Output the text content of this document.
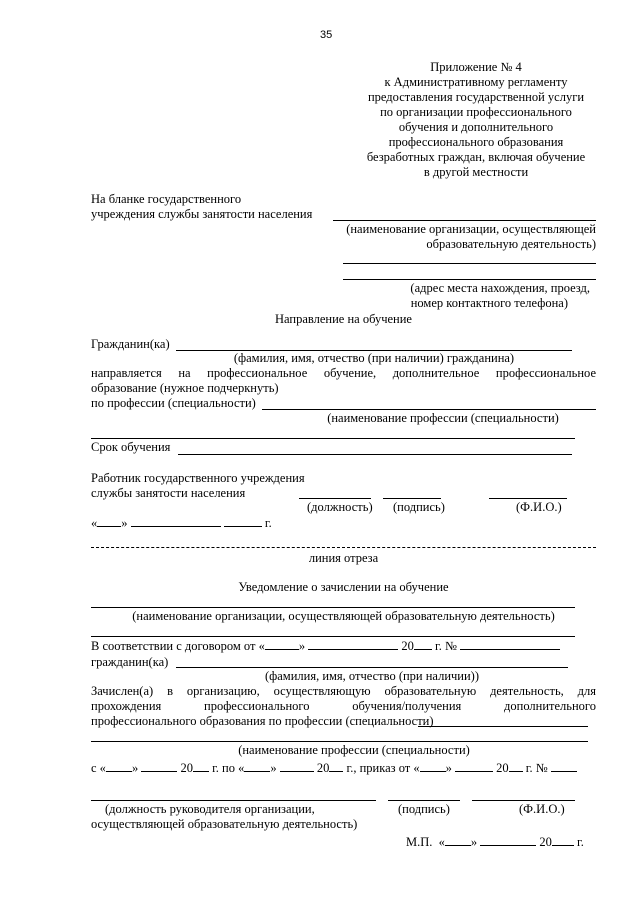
35
Приложение № 4
к Административному регламенту
предоставления государственной услуги
по организации профессионального
обучения и дополнительного
профессионального образования
безработных граждан, включая обучение
в другой местности
На бланке государственного
учреждения службы занятости населения
(наименование организации, осуществляющей
образовательную деятельность)
(адрес места нахождения, проезд,
номер контактного телефона)
Направление на обучение
Гражданин(ка)
(фамилия, имя, отчество (при наличии) гражданина)
направляется на профессиональное обучение, дополнительное профессиональное
образование (нужное подчеркнуть)
по профессии (специальности)
(наименование профессии (специальности)
Срок обучения
Работник государственного учреждения
службы занятости населения
(должность) (подпись)	(Ф.И.О.)
« »	г.
линия отреза
Уведомление о зачислении на обучение
(наименование организации, осуществляющей образовательную деятельность)
В соответствии с договором от «	»	20 г. №
гражданин(ка)
(фамилия, имя, отчество (при наличии))
Зачислен(а) в организацию, осуществляющую образовательную деятельность, для
прохождения профессионального обучения/получения дополнительного
профессионального образования по профессии (специальности)
(наименование профессии (специальности)
с « »	20 г. по « »	20 г., приказ от « »	20 г. №
(должность руководителя организации,
осуществляющей образовательную деятельность)
(подпись)	(Ф.И.О.)
М.П. « »	20 г.
